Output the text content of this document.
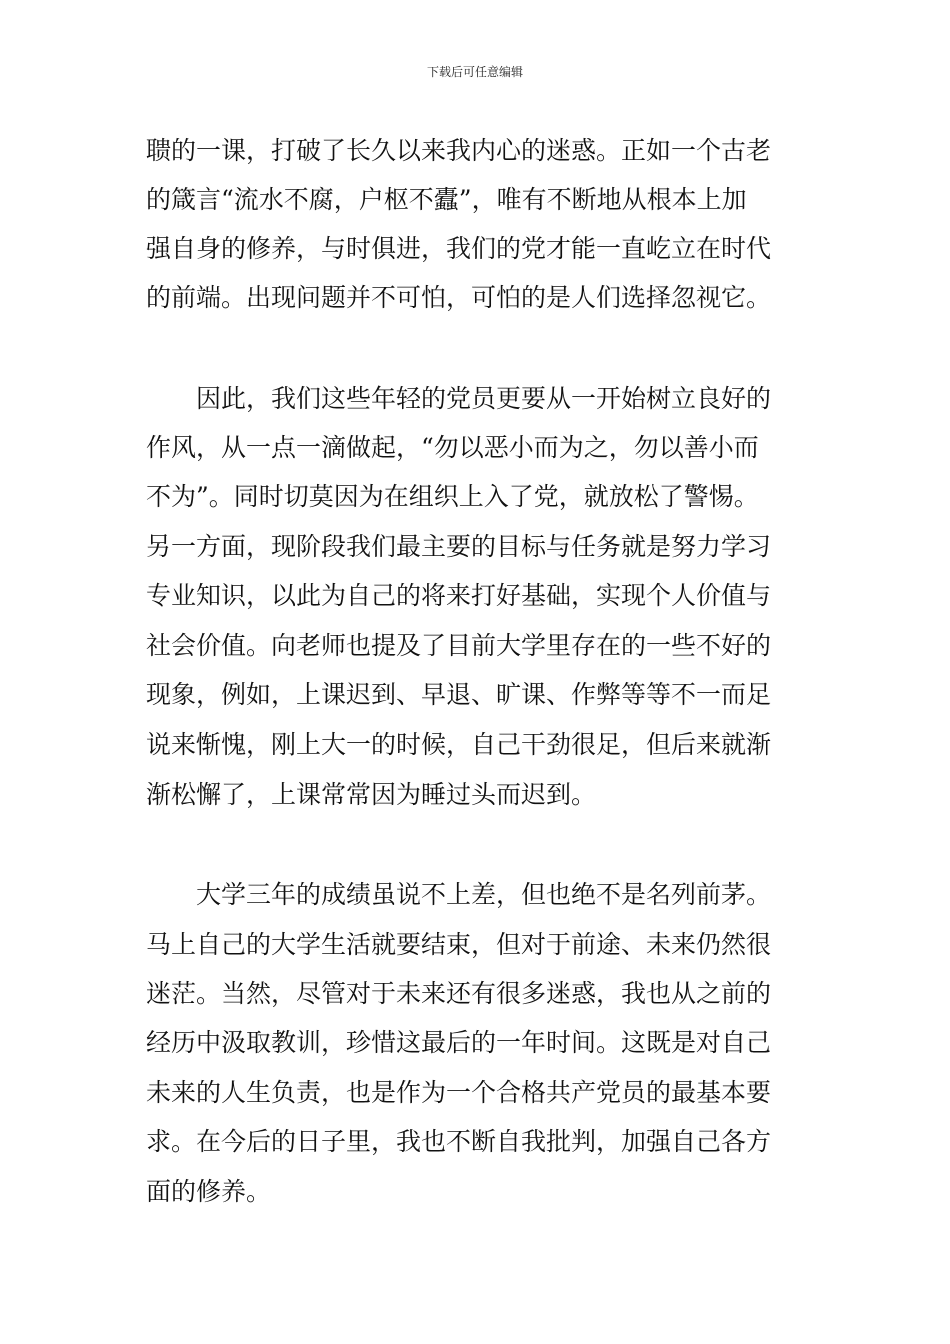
下载后可任意编辑
聩的一课，打破了长久以来我内心的迷惑。正如一个古老
的箴言“流水不腐，户枢不蠹”，唯有不断地从根本上加
强自身的修养，与时俱进，我们的党才能一直屹立在时代
的前端。出现问题并不可怕，可怕的是人们选择忽视它。
　　因此，我们这些年轻的党员更要从一开始树立良好的
作风，从一点一滴做起，“勿以恶小而为之，勿以善小而
不为”。同时切莫因为在组织上入了党，就放松了警惕。
另一方面，现阶段我们最主要的目标与任务就是努力学习
专业知识，以此为自己的将来打好基础，实现个人价值与
社会价值。向老师也提及了目前大学里存在的一些不好的
现象，例如，上课迟到、早退、旷课、作弊等等不一而足
说来惭愧，刚上大一的时候，自己干劲很足，但后来就渐
渐松懈了，上课常常因为睡过头而迟到。
　　大学三年的成绩虽说不上差，但也绝不是名列前茅。
马上自己的大学生活就要结束，但对于前途、未来仍然很
迷茫。当然，尽管对于未来还有很多迷惑，我也从之前的
经历中汲取教训，珍惜这最后的一年时间。这既是对自己
未来的人生负责，也是作为一个合格共产党员的最基本要
求。在今后的日子里，我也不断自我批判，加强自己各方
面的修养。
